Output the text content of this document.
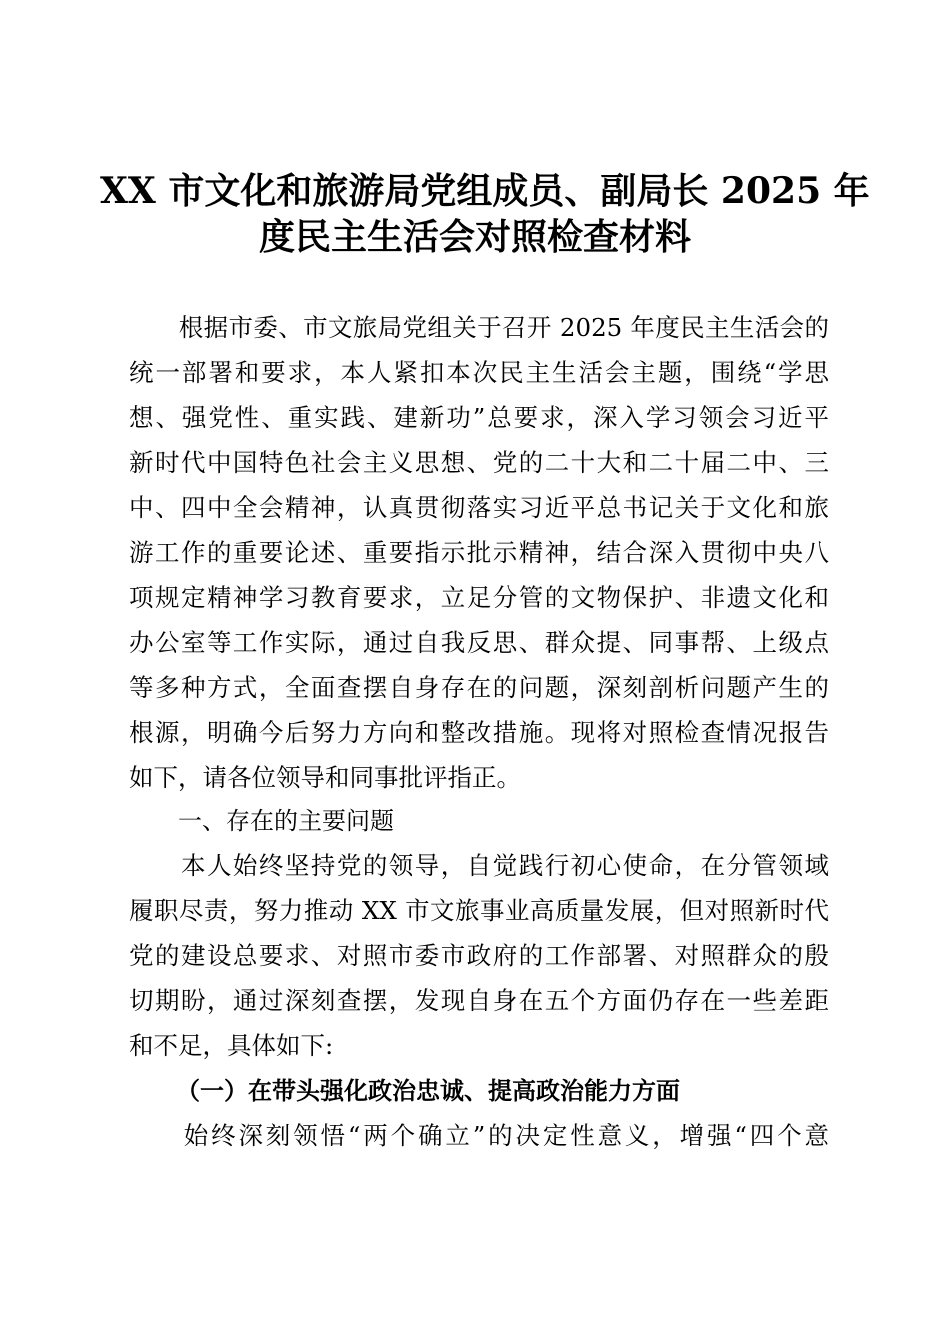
XX 市文化和旅游局党组成员、副局长 2025 年
度民主生活会对照检查材料
　　根据市委、市文旅局党组关于召开 2025 年度民主生活会的
统一部署和要求，本人紧扣本次民主生活会主题，围绕“学思
想、强党性、重实践、建新功”总要求，深入学习领会习近平
新时代中国特色社会主义思想、党的二十大和二十届二中、三
中、四中全会精神，认真贯彻落实习近平总书记关于文化和旅
游工作的重要论述、重要指示批示精神，结合深入贯彻中央八
项规定精神学习教育要求，立足分管的文物保护、非遗文化和
办公室等工作实际，通过自我反思、群众提、同事帮、上级点
等多种方式，全面查摆自身存在的问题，深刻剖析问题产生的
根源，明确今后努力方向和整改措施。现将对照检查情况报告
如下，请各位领导和同事批评指正。
一、存在的主要问题
　　本人始终坚持党的领导，自觉践行初心使命，在分管领域
履职尽责，努力推动 XX 市文旅事业高质量发展，但对照新时代
党的建设总要求、对照市委市政府的工作部署、对照群众的殷
切期盼，通过深刻查摆，发现自身在五个方面仍存在一些差距
和不足，具体如下:
（一）在带头强化政治忠诚、提高政治能力方面
　　始终深刻领悟“两个确立”的决定性意义，增强“四个意
